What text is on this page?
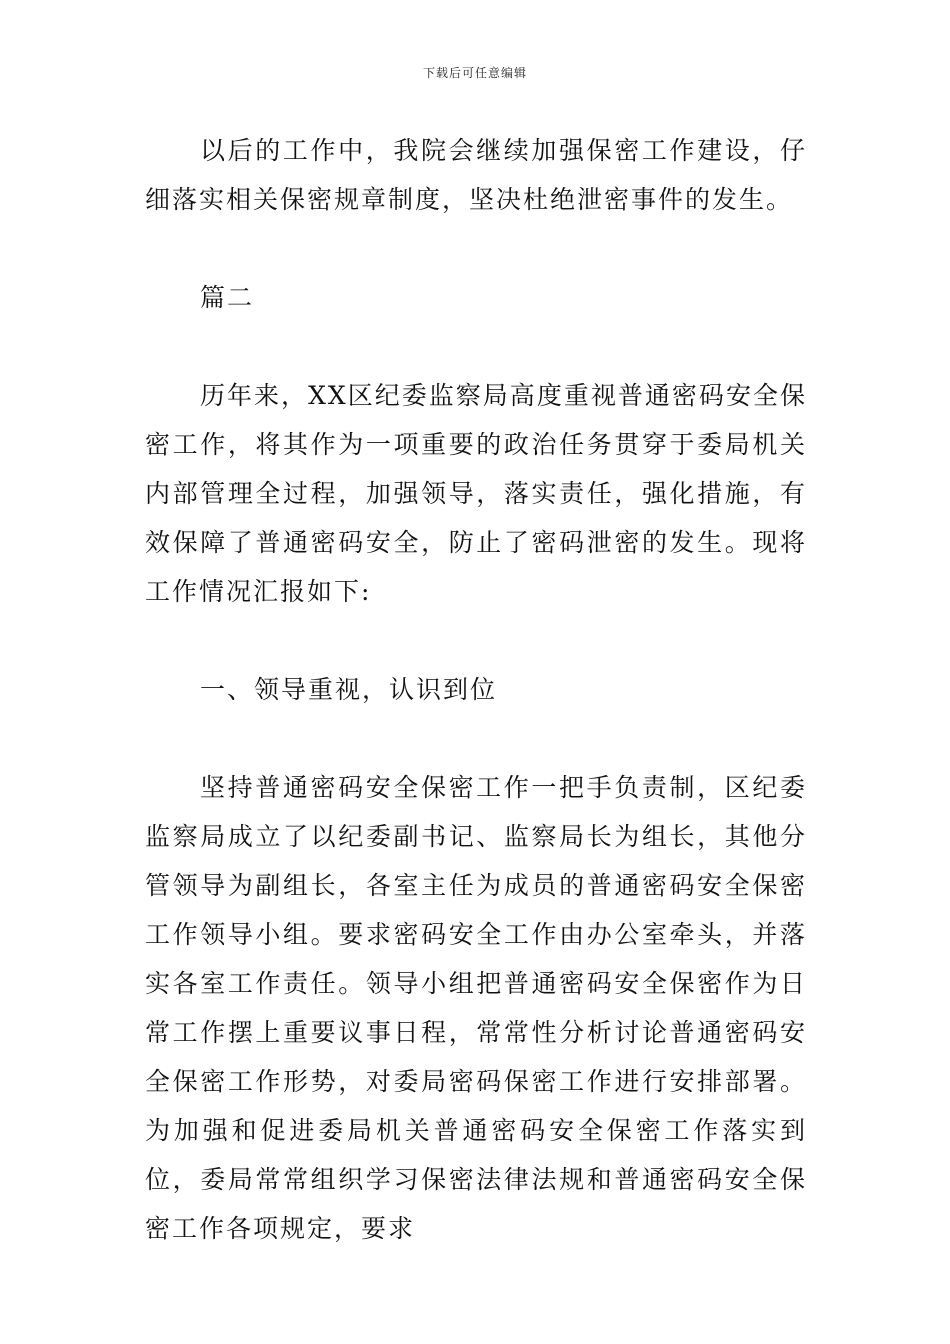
下载后可任意编辑

以后的工作中，我院会继续加强保密工作建设，仔细落实相关保密规章制度，坚决杜绝泄密事件的发生。

篇二

历年来，XX区纪委监察局高度重视普通密码安全保密工作，将其作为一项重要的政治任务贯穿于委局机关内部管理全过程，加强领导，落实责任，强化措施，有效保障了普通密码安全，防止了密码泄密的发生。现将工作情况汇报如下:

一、领导重视，认识到位

坚持普通密码安全保密工作一把手负责制，区纪委监察局成立了以纪委副书记、监察局长为组长，其他分管领导为副组长，各室主任为成员的普通密码安全保密工作领导小组。要求密码安全工作由办公室牵头，并落实各室工作责任。领导小组把普通密码安全保密作为日常工作摆上重要议事日程，常常性分析讨论普通密码安全保密工作形势，对委局密码保密工作进行安排部署。为加强和促进委局机关普通密码安全保密工作落实到位，委局常常组织学习保密法律法规和普通密码安全保密工作各项规定，要求
